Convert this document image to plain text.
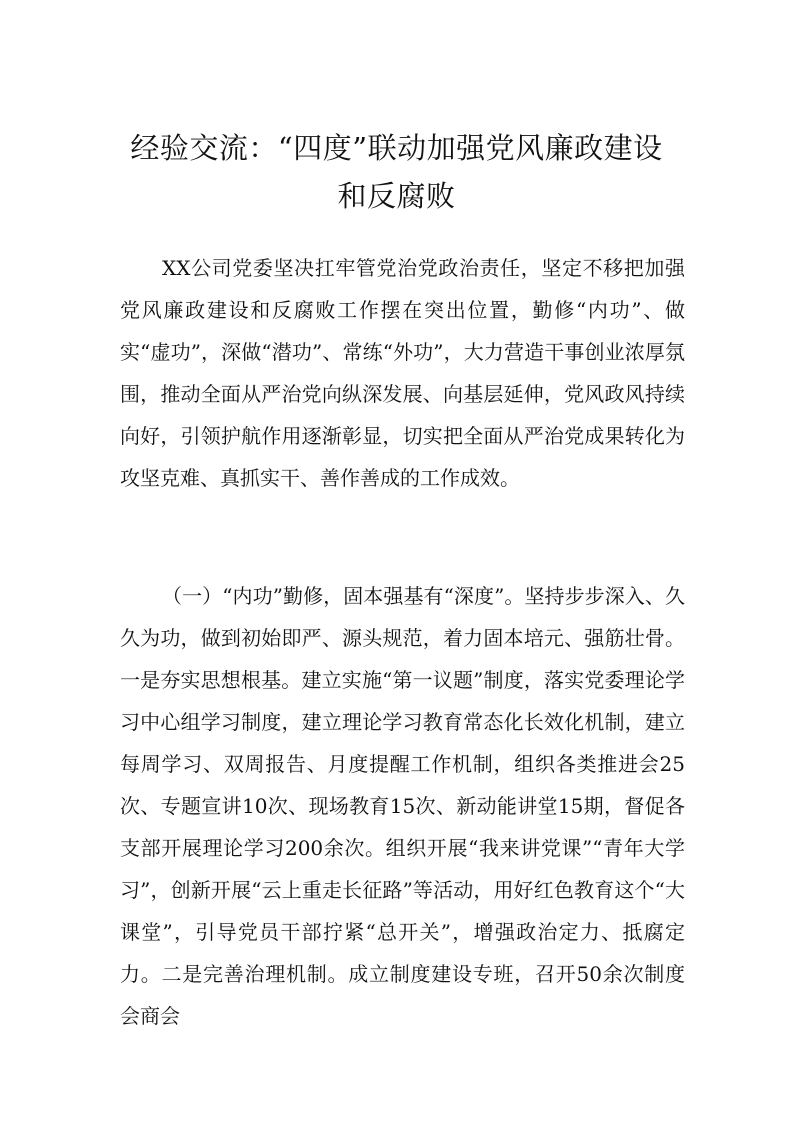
经验交流：“四度”联动加强党风廉政建设
和反腐败

XX公司党委坚决扛牢管党治党政治责任，坚定不移把加强党风廉政建设和反腐败工作摆在突出位置，勤修“内功”、做实“虚功”，深做“潜功”、常练“外功”，大力营造干事创业浓厚氛围，推动全面从严治党向纵深发展、向基层延伸，党风政风持续向好，引领护航作用逐渐彰显，切实把全面从严治党成果转化为攻坚克难、真抓实干、善作善成的工作成效。

（一）“内功”勤修，固本强基有“深度”。坚持步步深入、久久为功，做到初始即严、源头规范，着力固本培元、强筋壮骨。一是夯实思想根基。建立实施“第一议题”制度，落实党委理论学习中心组学习制度，建立理论学习教育常态化长效化机制，建立每周学习、双周报告、月度提醒工作机制，组织各类推进会25次、专题宣讲10次、现场教育15次、新动能讲堂15期，督促各支部开展理论学习200余次。组织开展“我来讲党课”“青年大学习”，创新开展“云上重走长征路”等活动，用好红色教育这个“大课堂”，引导党员干部拧紧“总开关”，增强政治定力、抵腐定力。二是完善治理机制。成立制度建设专班，召开50余次制度会商会
